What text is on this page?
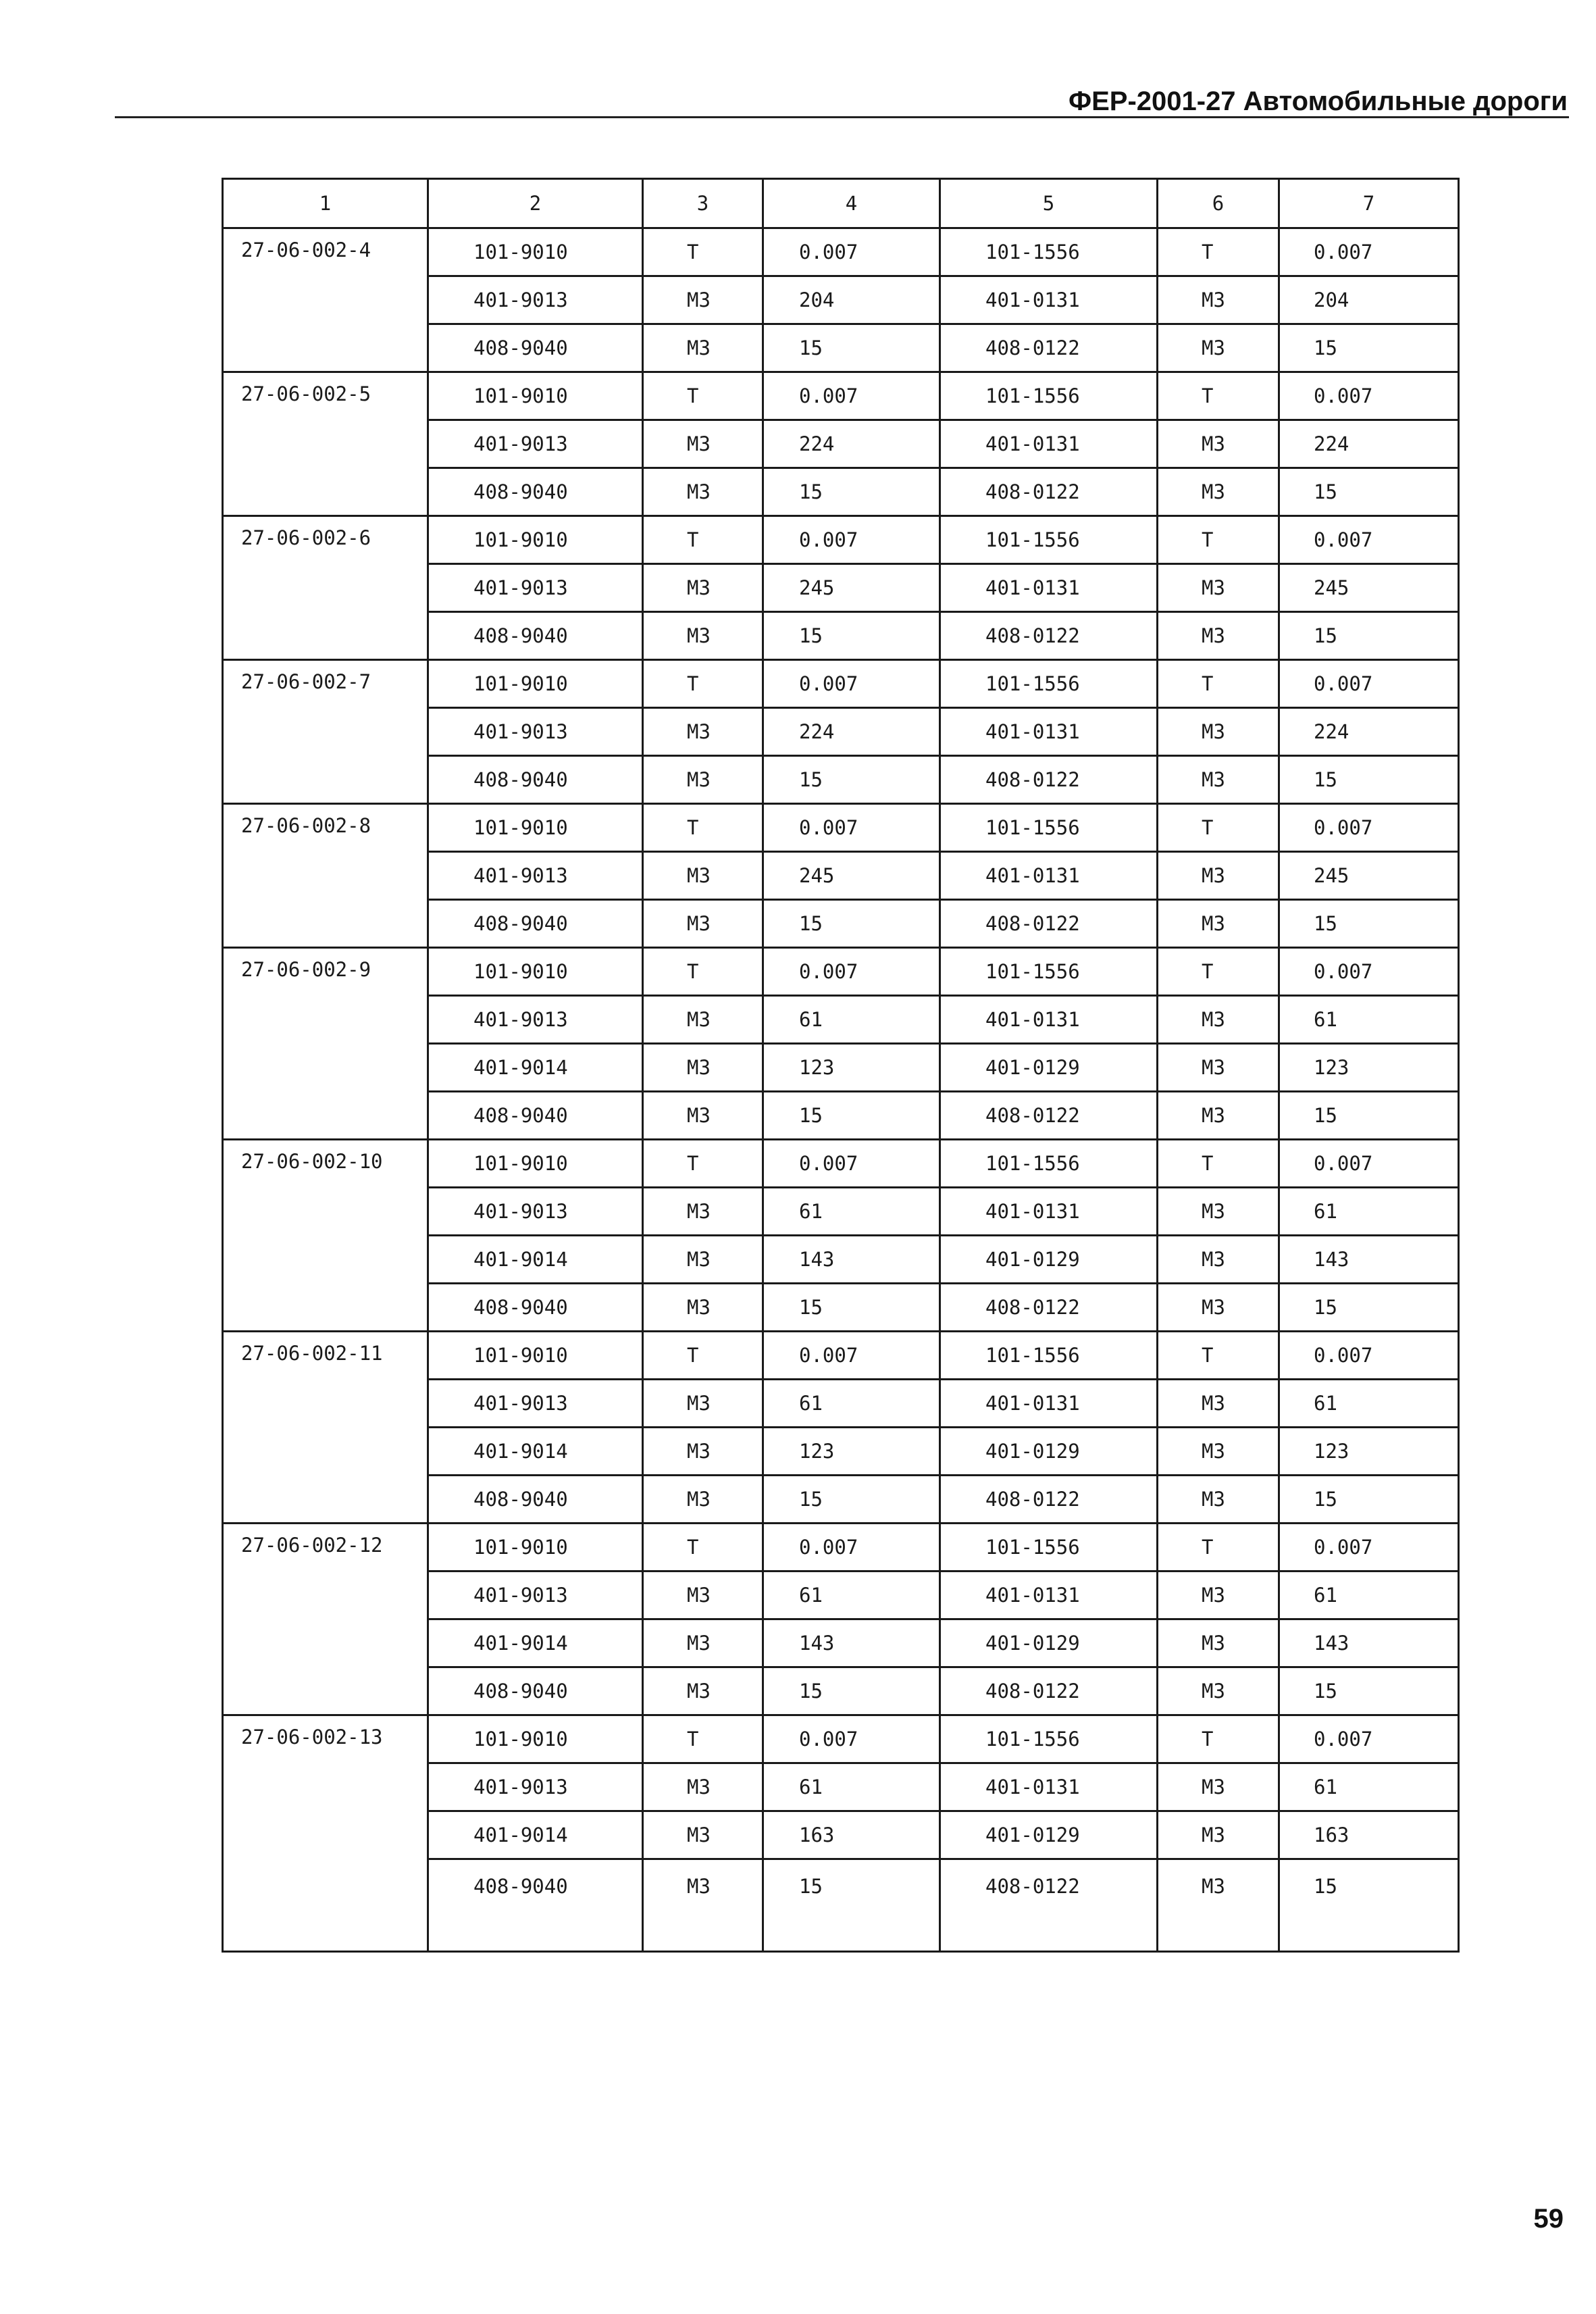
ФЕР-2001-27 Автомобильные дороги
1	2	3	4	5	6	7
27-06-002-4	101-9010	Т	0.007	101-1556	Т	0.007
	401-9013	М3	204	401-0131	М3	204
	408-9040	М3	15	408-0122	М3	15
27-06-002-5	101-9010	Т	0.007	101-1556	Т	0.007
	401-9013	М3	224	401-0131	М3	224
	408-9040	М3	15	408-0122	М3	15
27-06-002-6	101-9010	Т	0.007	101-1556	Т	0.007
	401-9013	М3	245	401-0131	М3	245
	408-9040	М3	15	408-0122	М3	15
27-06-002-7	101-9010	Т	0.007	101-1556	Т	0.007
	401-9013	М3	224	401-0131	М3	224
	408-9040	М3	15	408-0122	М3	15
27-06-002-8	101-9010	Т	0.007	101-1556	Т	0.007
	401-9013	М3	245	401-0131	М3	245
	408-9040	М3	15	408-0122	М3	15
27-06-002-9	101-9010	Т	0.007	101-1556	Т	0.007
	401-9013	М3	61	401-0131	М3	61
	401-9014	М3	123	401-0129	М3	123
	408-9040	М3	15	408-0122	М3	15
27-06-002-10	101-9010	Т	0.007	101-1556	Т	0.007
	401-9013	М3	61	401-0131	М3	61
	401-9014	М3	143	401-0129	М3	143
	408-9040	М3	15	408-0122	М3	15
27-06-002-11	101-9010	Т	0.007	101-1556	Т	0.007
	401-9013	М3	61	401-0131	М3	61
	401-9014	М3	123	401-0129	М3	123
	408-9040	М3	15	408-0122	М3	15
27-06-002-12	101-9010	Т	0.007	101-1556	Т	0.007
	401-9013	М3	61	401-0131	М3	61
	401-9014	М3	143	401-0129	М3	143
	408-9040	М3	15	408-0122	М3	15
27-06-002-13	101-9010	Т	0.007	101-1556	Т	0.007
	401-9013	М3	61	401-0131	М3	61
	401-9014	М3	163	401-0129	М3	163
	408-9040	М3	15	408-0122	М3	15
59
